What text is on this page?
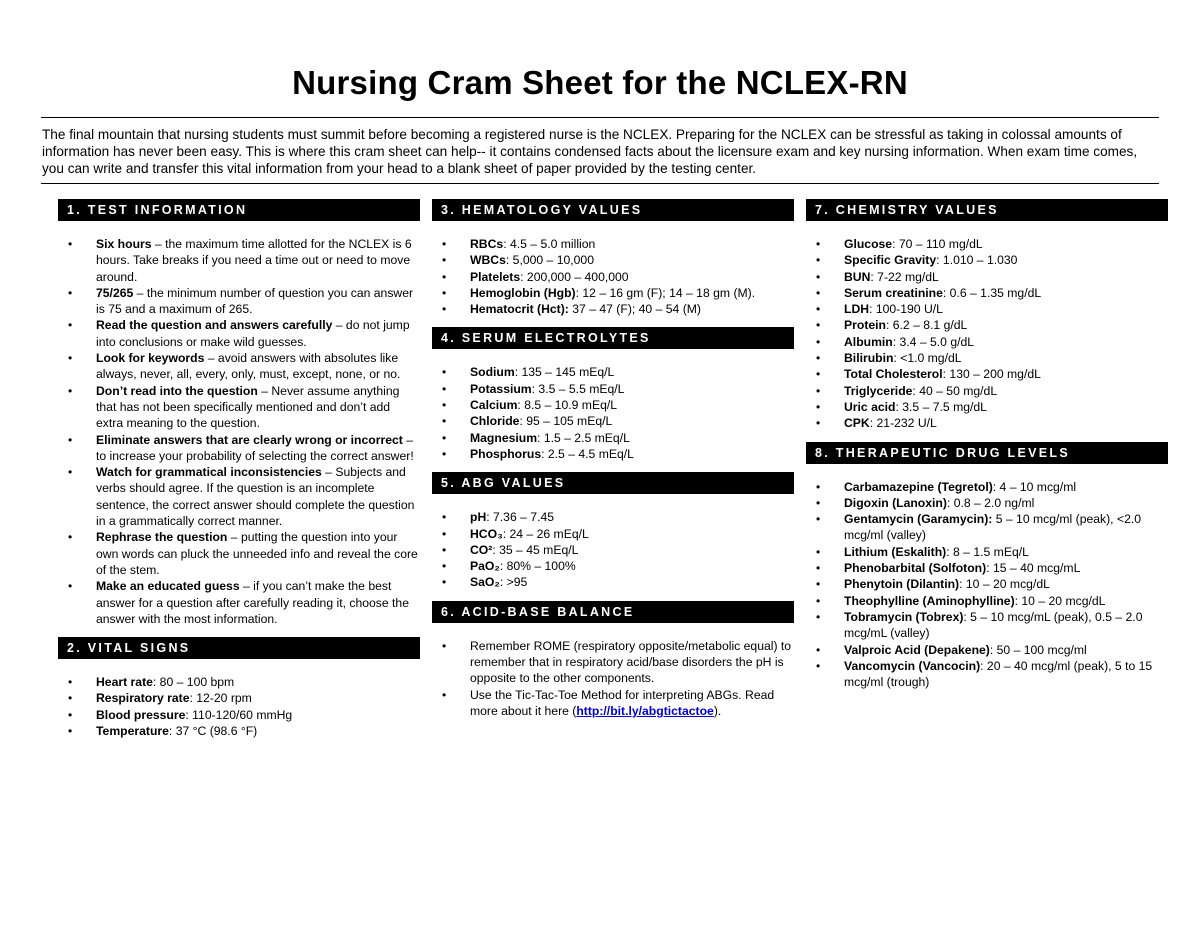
Nursing Cram Sheet for the NCLEX-RN
The final mountain that nursing students must summit before becoming a registered nurse is the NCLEX. Preparing for the NCLEX can be stressful as taking in colossal amounts of information has never been easy. This is where this cram sheet can help-- it contains condensed facts about the licensure exam and key nursing information. When exam time comes, you can write and transfer this vital information from your head to a blank sheet of paper provided by the testing center.
1. TEST INFORMATION
• Six hours – the maximum time allotted for the NCLEX is 6 hours. Take breaks if you need a time out or need to move around.
• 75/265 – the minimum number of question you can answer is 75 and a maximum of 265.
• Read the question and answers carefully – do not jump into conclusions or make wild guesses.
• Look for keywords – avoid answers with absolutes like always, never, all, every, only, must, except, none, or no.
• Don’t read into the question – Never assume anything that has not been specifically mentioned and don’t add extra meaning to the question.
• Eliminate answers that are clearly wrong or incorrect – to increase your probability of selecting the correct answer!
• Watch for grammatical inconsistencies – Subjects and verbs should agree. If the question is an incomplete sentence, the correct answer should complete the question in a grammatically correct manner.
• Rephrase the question – putting the question into your own words can pluck the unneeded info and reveal the core of the stem.
• Make an educated guess – if you can’t make the best answer for a question after carefully reading it, choose the answer with the most information.
2. VITAL SIGNS
• Heart rate: 80 – 100 bpm
• Respiratory rate: 12-20 rpm
• Blood pressure: 110-120/60 mmHg
• Temperature: 37 °C (98.6 °F)
3. HEMATOLOGY VALUES
• RBCs: 4.5 – 5.0 million
• WBCs: 5,000 – 10,000
• Platelets: 200,000 – 400,000
• Hemoglobin (Hgb): 12 – 16 gm (F); 14 – 18 gm (M).
• Hematocrit (Hct): 37 – 47 (F); 40 – 54 (M)
4. SERUM ELECTROLYTES
• Sodium: 135 – 145 mEq/L
• Potassium: 3.5 – 5.5 mEq/L
• Calcium: 8.5 – 10.9 mEq/L
• Chloride: 95 – 105 mEq/L
• Magnesium: 1.5 – 2.5 mEq/L
• Phosphorus: 2.5 – 4.5 mEq/L
5. ABG VALUES
• pH: 7.36 – 7.45
• HCO₃: 24 – 26 mEq/L
• CO²: 35 – 45 mEq/L
• PaO₂: 80% – 100%
• SaO₂: >95
6. ACID-BASE BALANCE
• Remember ROME (respiratory opposite/metabolic equal) to remember that in respiratory acid/base disorders the pH is opposite to the other components.
• Use the Tic-Tac-Toe Method for interpreting ABGs. Read more about it here (http://bit.ly/abgtictactoe).
7. CHEMISTRY VALUES
• Glucose: 70 – 110 mg/dL
• Specific Gravity: 1.010 – 1.030
• BUN: 7-22 mg/dL
• Serum creatinine: 0.6 – 1.35 mg/dL
• LDH: 100-190 U/L
• Protein: 6.2 – 8.1 g/dL
• Albumin: 3.4 – 5.0 g/dL
• Bilirubin: <1.0 mg/dL
• Total Cholesterol: 130 – 200 mg/dL
• Triglyceride: 40 – 50 mg/dL
• Uric acid: 3.5 – 7.5 mg/dL
• CPK: 21-232 U/L
8. THERAPEUTIC DRUG LEVELS
• Carbamazepine (Tegretol): 4 – 10 mcg/ml
• Digoxin (Lanoxin): 0.8 – 2.0 ng/ml
• Gentamycin (Garamycin): 5 – 10 mcg/ml (peak), <2.0 mcg/ml (valley)
• Lithium (Eskalith): 8 – 1.5 mEq/L
• Phenobarbital (Solfoton): 15 – 40 mcg/mL
• Phenytoin (Dilantin): 10 – 20 mcg/dL
• Theophylline (Aminophylline): 10 – 20 mcg/dL
• Tobramycin (Tobrex): 5 – 10 mcg/mL (peak), 0.5 – 2.0 mcg/mL (valley)
• Valproic Acid (Depakene): 50 – 100 mcg/ml
• Vancomycin (Vancocin): 20 – 40 mcg/ml (peak), 5 to 15 mcg/ml (trough)
